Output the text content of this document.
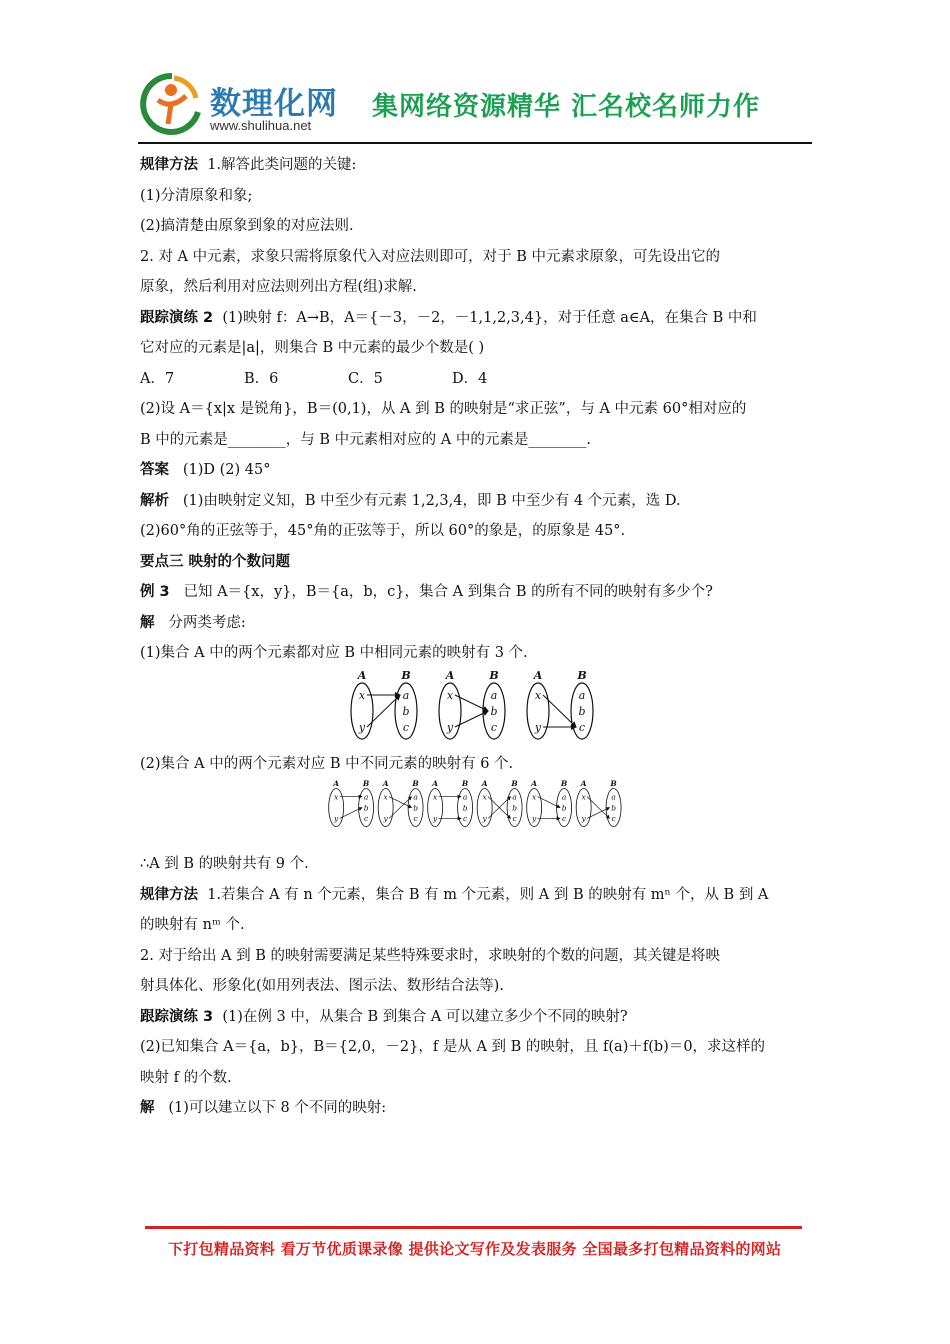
数理化网
www.shulihua.net
集网络资源精华 汇名校名师力作
规律方法 1.解答此类问题的关键:
(1)分清原象和象;
(2)搞清楚由原象到象的对应法则.
2. 对 A 中元素，求象只需将原象代入对应法则即可，对于 B 中元素求原象，可先设出它的
原象，然后利用对应法则列出方程(组)求解.
跟踪演练 2 (1)映射 f：A→B，A＝{－3，－2，－1,1,2,3,4}，对于任意 a∈A，在集合 B 中和
它对应的元素是|a|，则集合 B 中元素的最少个数是( )
A．7	B．6	C．5	D．4
(2)设 A＝{x|x 是锐角}，B＝(0,1)，从 A 到 B 的映射是“求正弦”，与 A 中元素 60°相对应的
B 中的元素是________，与 B 中元素相对应的 A 中的元素是________.
答案 (1)D (2) 45°
解析 (1)由映射定义知，B 中至少有元素 1,2,3,4，即 B 中至少有 4 个元素，选 D.
(2)60°角的正弦等于，45°角的正弦等于，所以 60°的象是，的原象是 45°.
要点三 映射的个数问题
例 3 已知 A＝{x，y}，B＝{a，b，c}，集合 A 到集合 B 的所有不同的映射有多少个?
解 分两类考虑:
(1)集合 A 中的两个元素都对应 B 中相同元素的映射有 3 个.
A	B
x
y
a
b
c
A	B
x
y
a
b
c
A	B
x
y
a
b
c
(2)集合 A 中的两个元素对应 B 中不同元素的映射有 6 个.
A B
x
y
a
b
c
A B
x
y
a
b
c
A B
x
y
a
b
c
A B
x
y
a
b
c
A B
x
y
a
b
c
A B
x
y
a
b
c
∴A 到 B 的映射共有 9 个.
规律方法 1.若集合 A 有 n 个元素，集合 B 有 m 个元素，则 A 到 B 的映射有 mⁿ 个，从 B 到 A
的映射有 nᵐ 个.
2. 对于给出 A 到 B 的映射需要满足某些特殊要求时，求映射的个数的问题，其关键是将映
射具体化、形象化(如用列表法、图示法、数形结合法等).
跟踪演练 3 (1)在例 3 中，从集合 B 到集合 A 可以建立多少个不同的映射?
(2)已知集合 A＝{a，b}，B＝{2,0，－2}，f 是从 A 到 B 的映射，且 f(a)＋f(b)＝0，求这样的
映射 f 的个数.
解 (1)可以建立以下 8 个不同的映射:
下打包精品资料 看万节优质课录像 提供论文写作及发表服务 全国最多打包精品资料的网站
